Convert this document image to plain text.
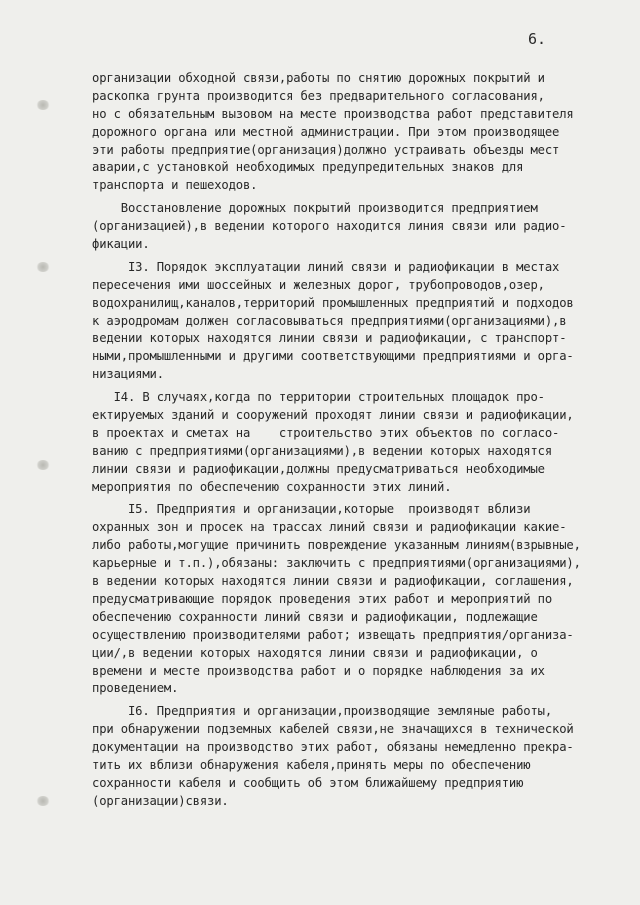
6.
организации обходной связи,работы по снятию дорожных покрытий и
раскопка грунта производится без предварительного согласования,
но с обязательным вызовом на месте производства работ представителя
дорожного органа или местной администрации. При этом производящее
эти работы предприятие(организация)должно устраивать объезды мест
аварии,с установкой необходимых предупредительных знаков для
транспорта и пешеходов.
Восстановление дорожных покрытий производится предприятием
(организацией),в ведении которого находится линия связи или радио-
фикации.
I3. Порядок эксплуатации линий связи и радиофикации в местах
пересечения ими шоссейных и железных дорог, трубопроводов,озер,
водохранилищ,каналов,территорий промышленных предприятий и подходов
к аэродромам должен согласовываться предприятиями(организациями),в
ведении которых находятся линии связи и радиофикации, с транспорт-
ными,промышленными и другими соответствующими предприятиями и орга-
низациями.
I4. В случаях,когда по территории строительных площадок про-
ектируемых зданий и сооружений проходят линии связи и радиофикации,
в проектах и сметах на    строительство этих объектов по согласо-
ванию с предприятиями(организациями),в ведении которых находятся
линии связи и радиофикации,должны предусматриваться необходимые
мероприятия по обеспечению сохранности этих линий.
I5. Предприятия и организации,которые  производят вблизи
охранных зон и просек на трассах линий связи и радиофикации какие-
либо работы,могущие причинить повреждение указанным линиям(взрывные,
карьерные и т.п.),обязаны: заключить с предприятиями(организациями),
в ведении которых находятся линии связи и радиофикации, соглашения,
предусматривающие порядок проведения этих работ и мероприятий по
обеспечению сохранности линий связи и радиофикации, подлежащие
осуществлению производителями работ; извещать предприятия/организа-
ции/,в ведении которых находятся линии связи и радиофикации, о
времени и месте производства работ и о порядке наблюдения за их
проведением.
I6. Предприятия и организации,производящие земляные работы,
при обнаружении подземных кабелей связи,не значащихся в технической
документации на производство этих работ, обязаны немедленно прекра-
тить их вблизи обнаружения кабеля,принять меры по обеспечению
сохранности кабеля и сообщить об этом ближайшему предприятию
(организации)связи.
